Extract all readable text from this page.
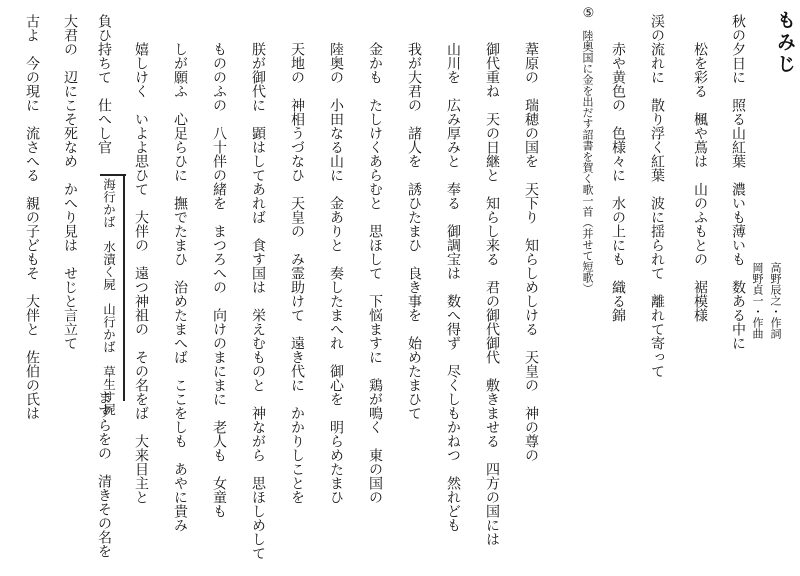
もみじ
高野辰之・作詞
岡野貞一・作曲
秋の夕日に　照る山紅葉　濃いも薄いも　数ある中に
松を彩る　楓や蔦は　山のふもとの　裾模様
渓の流れに　散り浮く紅葉　波に揺られて　離れて寄って
赤や黄色の　色様々に　水の上にも　織る錦
⑤
陸奥国に金を出だす詔書を賀く歌一首（并せて短歌）
葦原の　瑞穂の国を　天下り　知らしめしける　天皇の　神の尊の
御代重ね　天の日継と　知らし来る　君の御代御代　敷きませる　四方の国には
山川を　広み厚みと　奉る　御調宝は　数へ得ず　尽くしもかねつ　然れども
我が大君の　諸人を　誘ひたまひ　良き事を　始めたまひて
金かも　たしけくあらむと　思ほして　下悩ますに　鶏が鳴く　東の国の
陸奥の　小田なる山に　金ありと　奏したまへれ　御心を　明らめたまひ
天地の　神相うづなひ　天皇の　み霊助けて　遠き代に　かかりしことを
朕が御代に　顕はしてあれば　食す国は　栄えむものと　神ながら　思ほしめして
もののふの　八十伴の緒を　まつろへの　向けのまにまに　老人も　女童も
しが願ふ　心足らひに　撫でたまひ　治めたまへば　ここをしも　あやに貴み
嬉しけく　いよよ思ひて　大伴の　遠つ神祖の　その名をば　大来目主と
負ひ持ちて　仕へし官
ますらをの　清きその名を
海行かば　水漬く屍　山行かば　草生す屍
大君の　辺にこそ死なめ　かへり見は　せじと言立て
古よ　今の現に　流さへる　親の子どもそ　大伴と　佐伯の氏は
